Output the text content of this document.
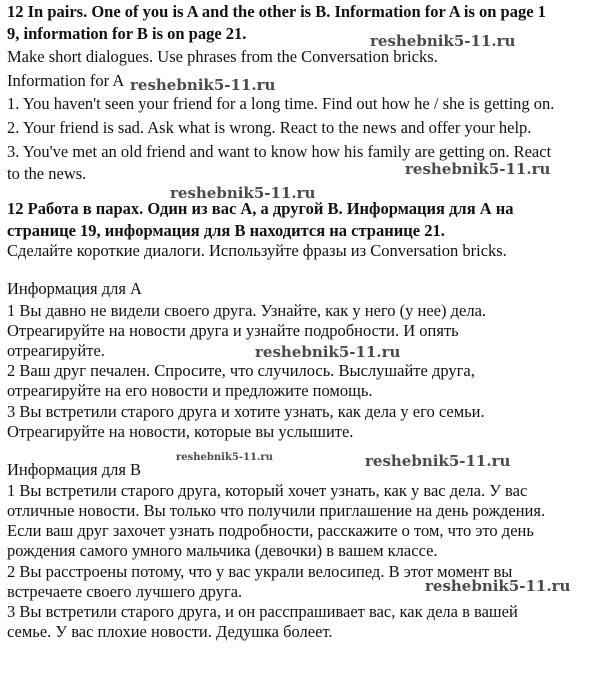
12 In pairs. One of you is A and the other is B. Information for A is on page 1
9, information for B is on page 21.
Make short dialogues. Use phrases from the Conversation bricks.
Information for A
1. You haven't seen your friend for a long time. Find out how he / she is getting on.
2. Your friend is sad. Ask what is wrong. React to the news and offer your help.
3. You've met an old friend and want to know how his family are getting on. React
to the news.
12 Работа в парах. Один из вас А, а другой В. Информация для А на
странице 19, информация для В находится на странице 21.
Сделайте короткие диалоги. Используйте фразы из Conversation bricks.
Информация для А
1 Вы давно не видели своего друга. Узнайте, как у него (у нее) дела.
Отреагируйте на новости друга и узнайте подробности. И опять
отреагируйте.
2 Ваш друг печален. Спросите, что случилось. Выслушайте друга,
отреагируйте на его новости и предложите помощь.
3 Вы встретили старого друга и хотите узнать, как дела у его семьи.
Отреагируйте на новости, которые вы услышите.
Информация для В
1 Вы встретили старого друга, который хочет узнать, как у вас дела. У вас
отличные новости. Вы только что получили приглашение на день рождения.
Если ваш друг захочет узнать подробности, расскажите о том, что это день
рождения самого умного мальчика (девочки) в вашем классе.
2 Вы расстроены потому, что у вас украли велосипед. В этот момент вы
встречаете своего лучшего друга.
3 Вы встретили старого друга, и он расспрашивает вас, как дела в вашей
семье. У вас плохие новости. Дедушка болеет.
reshebnik5-11.ru
reshebnik5-11.ru
reshebnik5-11.ru
reshebnik5-11.ru
reshebnik5-11.ru
reshebnik5-11.ru	reshebnik5-11.ru
reshebnik5-11.ru
